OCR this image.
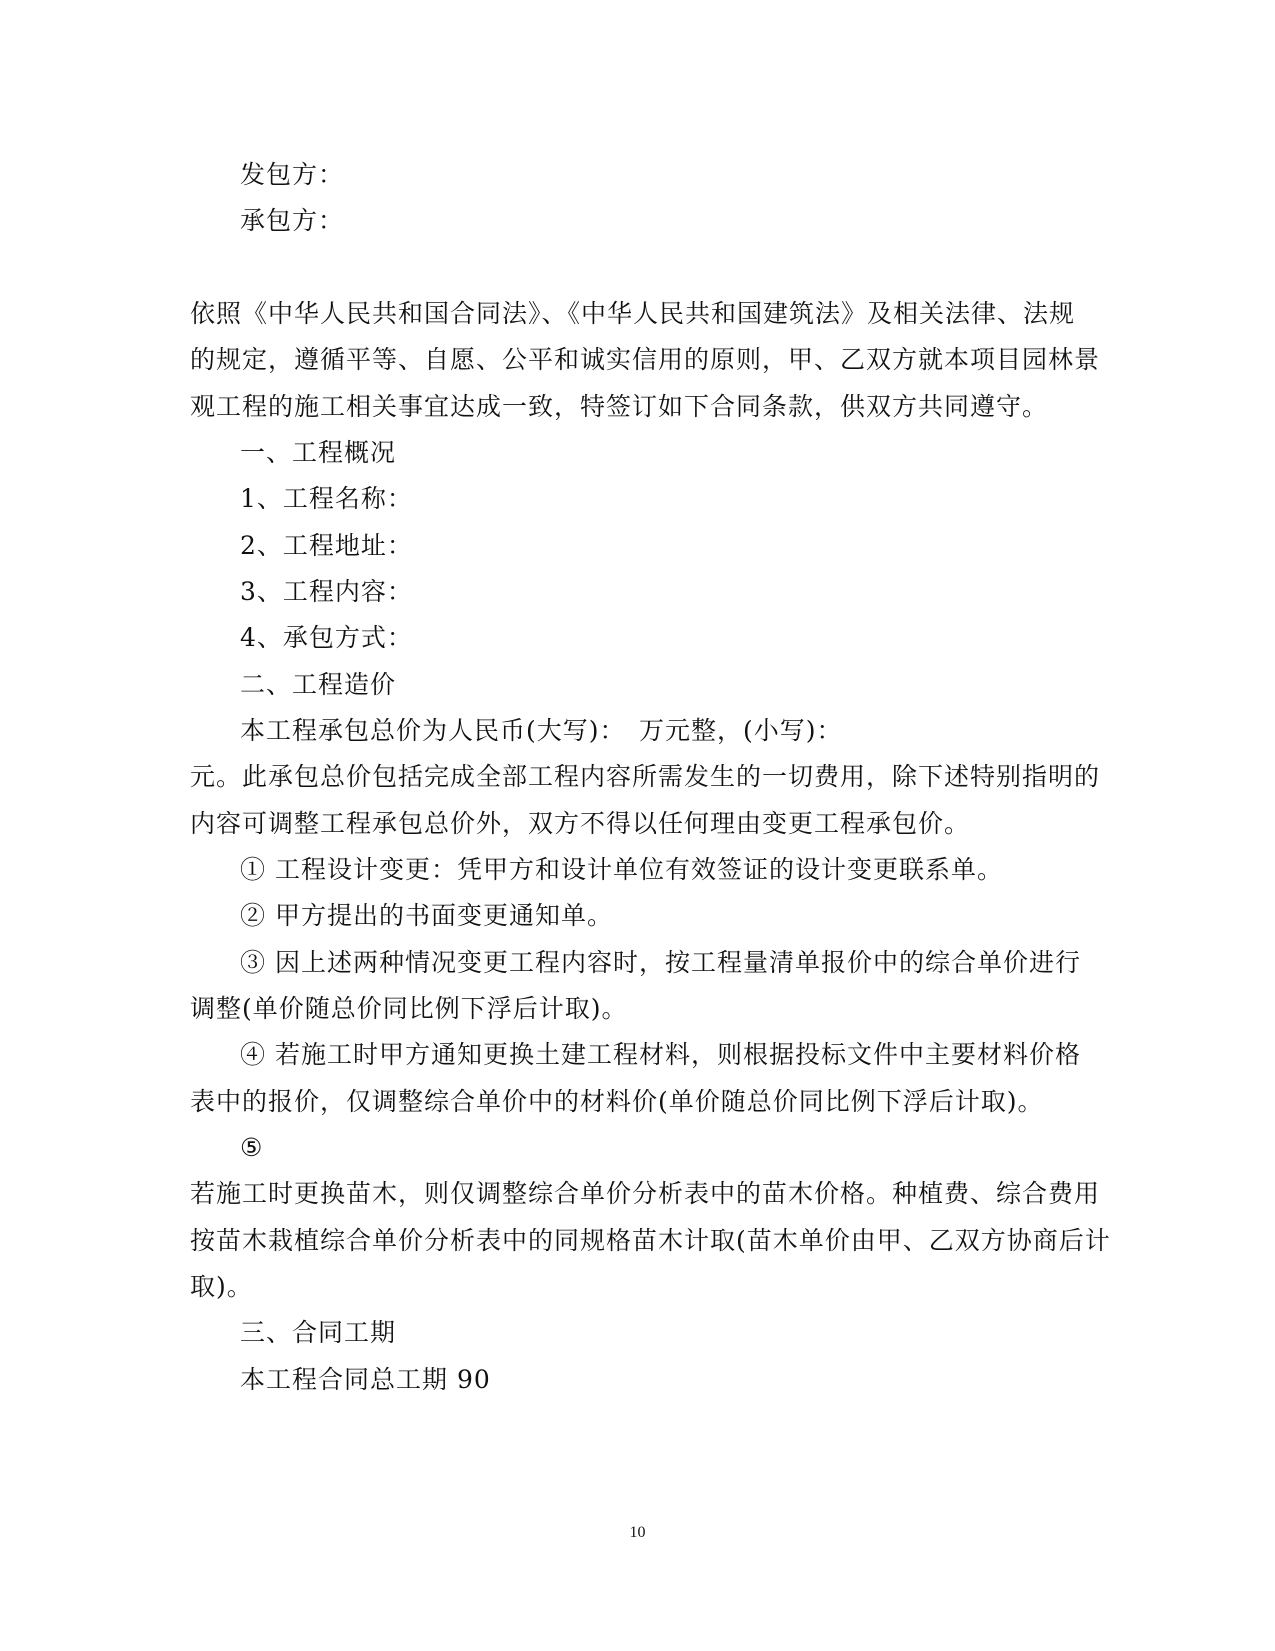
发包方：
承包方：
依照《中华人民共和国合同法》、《中华人民共和国建筑法》及相关法律、法规
的规定，遵循平等、自愿、公平和诚实信用的原则，甲、乙双方就本项目园林景
观工程的施工相关事宜达成一致，特签订如下合同条款，供双方共同遵守。
一、工程概况
1、工程名称：
2、工程地址：
3、工程内容：
4、承包方式：
二、工程造价
本工程承包总价为人民币(大写)：　万元整，(小写)：
元。此承包总价包括完成全部工程内容所需发生的一切费用，除下述特别指明的
内容可调整工程承包总价外，双方不得以任何理由变更工程承包价。
① 工程设计变更：凭甲方和设计单位有效签证的设计变更联系单。
② 甲方提出的书面变更通知单。
③ 因上述两种情况变更工程内容时，按工程量清单报价中的综合单价进行
调整(单价随总价同比例下浮后计取)。
④ 若施工时甲方通知更换土建工程材料，则根据投标文件中主要材料价格
表中的报价，仅调整综合单价中的材料价(单价随总价同比例下浮后计取)。
⑤
若施工时更换苗木，则仅调整综合单价分析表中的苗木价格。种植费、综合费用
按苗木栽植综合单价分析表中的同规格苗木计取(苗木单价由甲、乙双方协商后计
取)。
三、合同工期
本工程合同总工期 90
10
